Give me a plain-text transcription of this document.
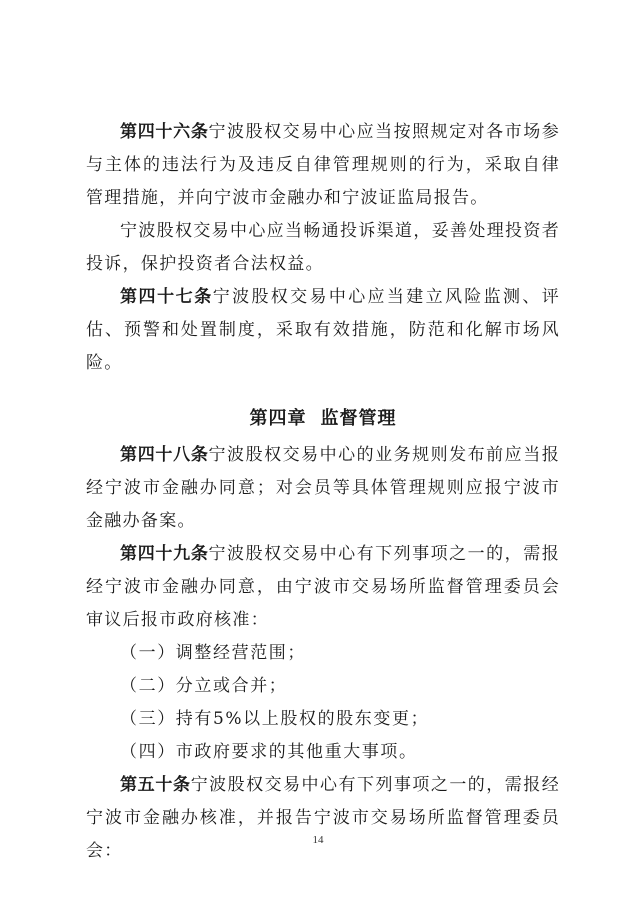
第四十六条宁波股权交易中心应当按照规定对各市场参与主体的违法行为及违反自律管理规则的行为，采取自律管理措施，并向宁波市金融办和宁波证监局报告。

宁波股权交易中心应当畅通投诉渠道，妥善处理投资者投诉，保护投资者合法权益。

第四十七条宁波股权交易中心应当建立风险监测、评估、预警和处置制度，采取有效措施，防范和化解市场风险。

第四章 监督管理

第四十八条宁波股权交易中心的业务规则发布前应当报经宁波市金融办同意；对会员等具体管理规则应报宁波市金融办备案。

第四十九条宁波股权交易中心有下列事项之一的，需报经宁波市金融办同意，由宁波市交易场所监督管理委员会审议后报市政府核准：

（一）调整经营范围；

（二）分立或合并；

（三）持有5%以上股权的股东变更；

（四）市政府要求的其他重大事项。

第五十条宁波股权交易中心有下列事项之一的，需报经宁波市金融办核准，并报告宁波市交易场所监督管理委员会：

14
